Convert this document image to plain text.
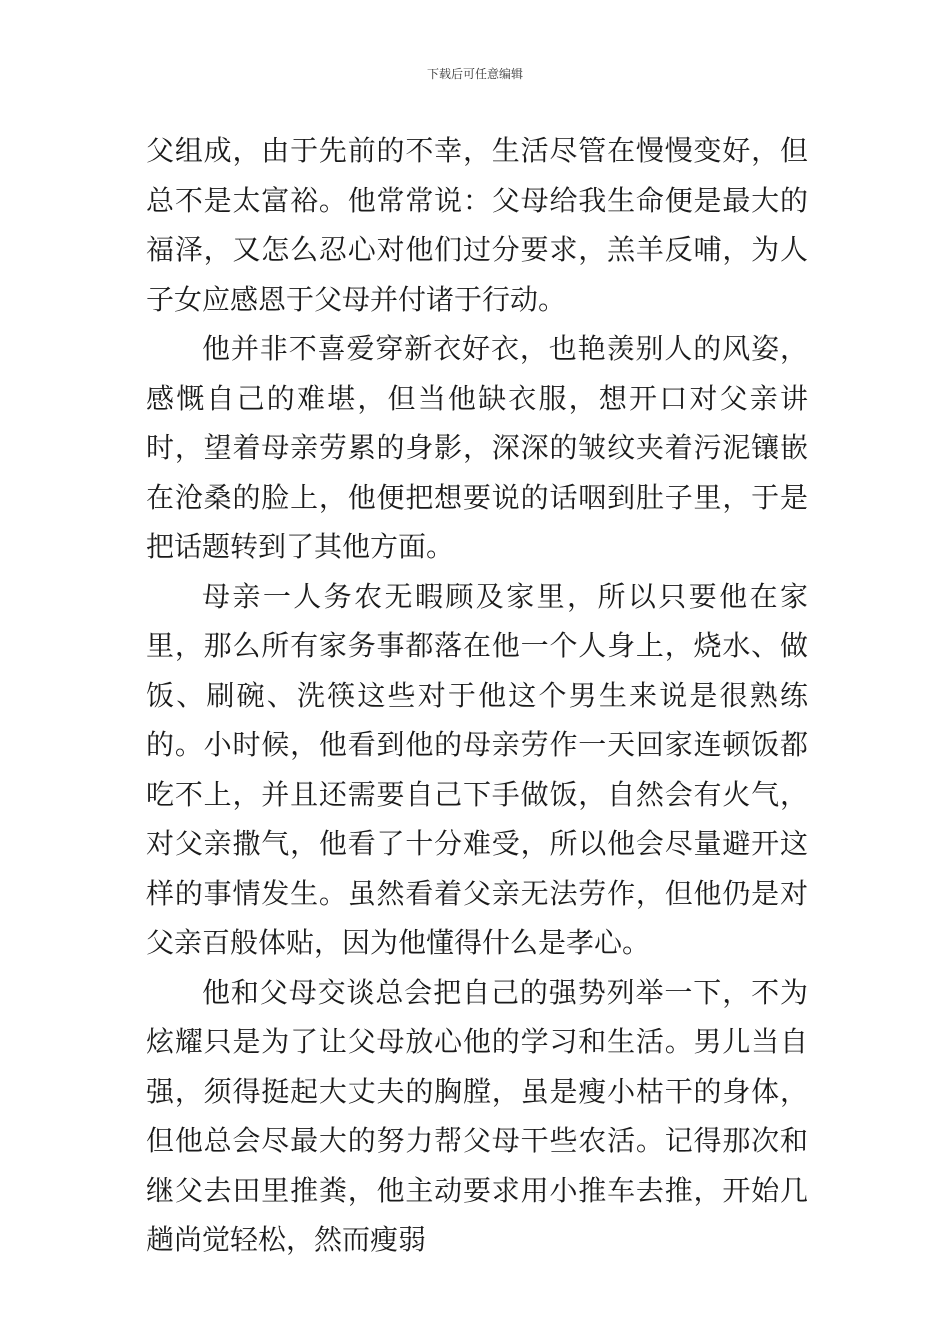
下载后可任意编辑

父组成，由于先前的不幸，生活尽管在慢慢变好，但总不是太富裕。他常常说：父母给我生命便是最大的福泽，又怎么忍心对他们过分要求，羔羊反哺，为人子女应感恩于父母并付诸于行动。

他并非不喜爱穿新衣好衣，也艳羡别人的风姿，感慨自己的难堪，但当他缺衣服，想开口对父亲讲时，望着母亲劳累的身影，深深的皱纹夹着污泥镶嵌在沧桑的脸上，他便把想要说的话咽到肚子里，于是把话题转到了其他方面。

母亲一人务农无暇顾及家里，所以只要他在家里，那么所有家务事都落在他一个人身上，烧水、做饭、刷碗、洗筷这些对于他这个男生来说是很熟练的。小时候，他看到他的母亲劳作一天回家连顿饭都吃不上，并且还需要自己下手做饭，自然会有火气，对父亲撒气，他看了十分难受，所以他会尽量避开这样的事情发生。虽然看着父亲无法劳作，但他仍是对父亲百般体贴，因为他懂得什么是孝心。

他和父母交谈总会把自己的强势列举一下，不为炫耀只是为了让父母放心他的学习和生活。男儿当自强，须得挺起大丈夫的胸膛，虽是瘦小枯干的身体，但他总会尽最大的努力帮父母干些农活。记得那次和继父去田里推粪，他主动要求用小推车去推，开始几趟尚觉轻松，然而瘦弱
